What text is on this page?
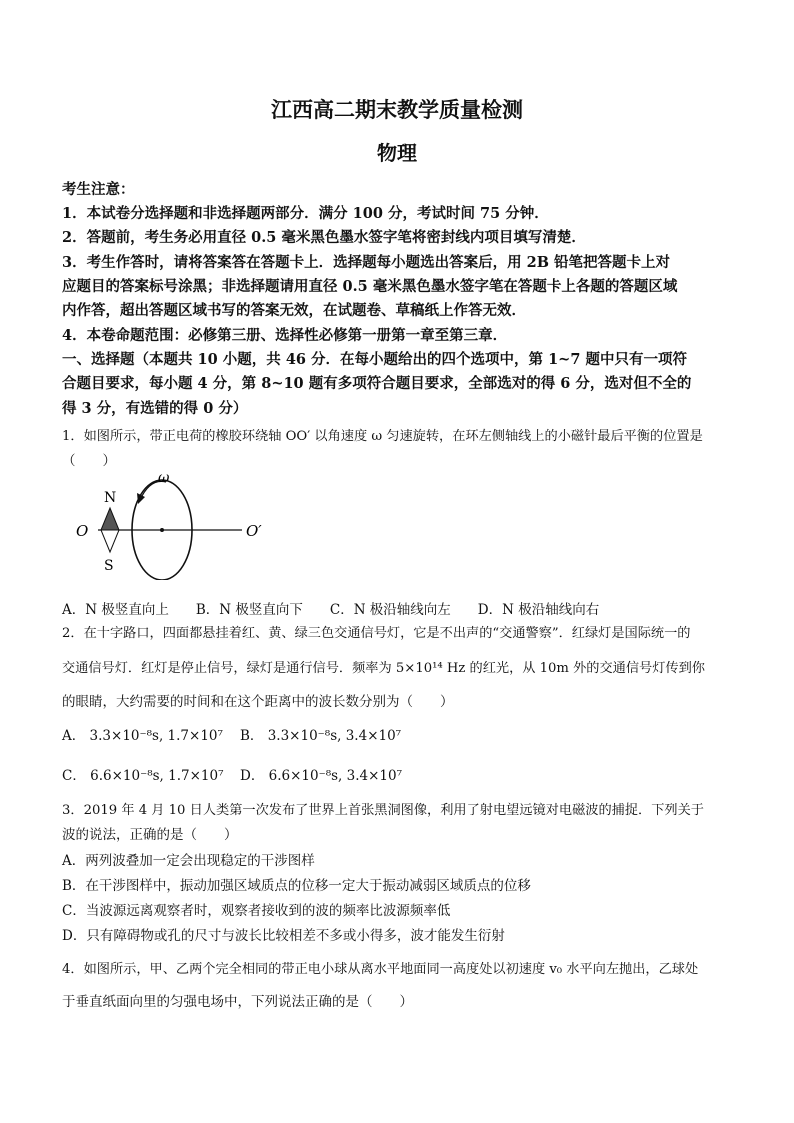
江西高二期末教学质量检测
物理
考生注意：
1．本试卷分选择题和非选择题两部分．满分 100 分，考试时间 75 分钟．
2．答题前，考生务必用直径 0.5 毫米黑色墨水签字笔将密封线内项目填写清楚．
3．考生作答时，请将答案答在答题卡上．选择题每小题选出答案后，用 2B 铅笔把答题卡上对
应题目的答案标号涂黑；非选择题请用直径 0.5 毫米黑色墨水签字笔在答题卡上各题的答题区域
内作答，超出答题区域书写的答案无效，在试题卷、草稿纸上作答无效．
4．本卷命题范围：必修第三册、选择性必修第一册第一章至第三章．
一、选择题（本题共 10 小题，共 46 分．在每小题给出的四个选项中，第 1~7 题中只有一项符
合题目要求，每小题 4 分，第 8~10 题有多项符合题目要求，全部选对的得 6 分，选对但不全的
得 3 分，有选错的得 0 分）
1．如图所示，带正电荷的橡胶环绕轴 OO′ 以角速度 ω 匀速旋转，在环左侧轴线上的小磁针最后平衡的位置是
（　　）
O	O′
N
S
ω
A．N 极竖直向上　　B．N 极竖直向下　　C．N 极沿轴线向左　　D．N 极沿轴线向右
2．在十字路口，四面都悬挂着红、黄、绿三色交通信号灯，它是不出声的“交通警察”．红绿灯是国际统一的
交通信号灯．红灯是停止信号，绿灯是通行信号．频率为 5×10¹⁴ Hz 的红光，从 10m 外的交通信号灯传到你
的眼睛，大约需要的时间和在这个距离中的波长数分别为（　　）
A． 3.3×10⁻⁸s, 1.7×10⁷ B． 3.3×10⁻⁸s, 3.4×10⁷
C． 6.6×10⁻⁸s, 1.7×10⁷ D． 6.6×10⁻⁸s, 3.4×10⁷
3．2019 年 4 月 10 日人类第一次发布了世界上首张黑洞图像，利用了射电望远镜对电磁波的捕捉．下列关于
波的说法，正确的是（　　）
A．两列波叠加一定会出现稳定的干涉图样
B．在干涉图样中，振动加强区域质点的位移一定大于振动减弱区域质点的位移
C．当波源远离观察者时，观察者接收到的波的频率比波源频率低
D．只有障碍物或孔的尺寸与波长比较相差不多或小得多，波才能发生衍射
4．如图所示，甲、乙两个完全相同的带正电小球从离水平地面同一高度处以初速度 v₀ 水平向左抛出，乙球处
于垂直纸面向里的匀强电场中，下列说法正确的是（　　）
